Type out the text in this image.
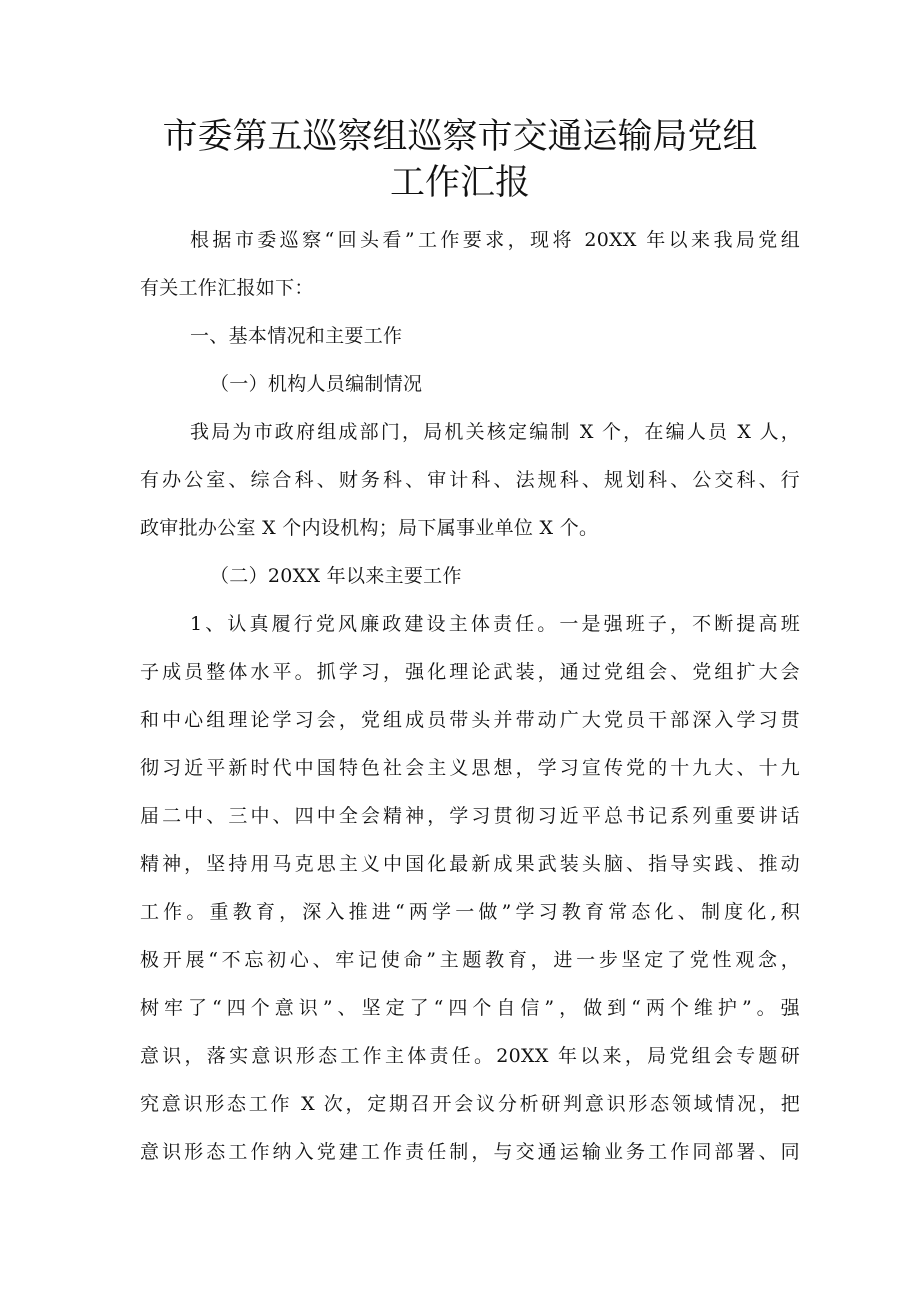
市委第五巡察组巡察市交通运输局党组
工作汇报
根据市委巡察“回头看”工作要求，现将 20XX 年以来我局党组
有关工作汇报如下：
一、基本情况和主要工作
（一）机构人员编制情况
我局为市政府组成部门，局机关核定编制 X 个，在编人员 X 人，
有办公室、综合科、财务科、审计科、法规科、规划科、公交科、行
政审批办公室 X 个内设机构；局下属事业单位 X 个。
（二）20XX 年以来主要工作
1、认真履行党风廉政建设主体责任。一是强班子，不断提高班
子成员整体水平。抓学习，强化理论武装，通过党组会、党组扩大会
和中心组理论学习会，党组成员带头并带动广大党员干部深入学习贯
彻习近平新时代中国特色社会主义思想，学习宣传党的十九大、十九
届二中、三中、四中全会精神，学习贯彻习近平总书记系列重要讲话
精神，坚持用马克思主义中国化最新成果武装头脑、指导实践、推动
工作。重教育，深入推进“两学一做”学习教育常态化、制度化,积
极开展“不忘初心、牢记使命”主题教育，进一步坚定了党性观念，
树牢了“四个意识”、坚定了“四个自信”，做到“两个维护”。强
意识，落实意识形态工作主体责任。20XX 年以来，局党组会专题研
究意识形态工作 X 次，定期召开会议分析研判意识形态领域情况，把
意识形态工作纳入党建工作责任制，与交通运输业务工作同部署、同
